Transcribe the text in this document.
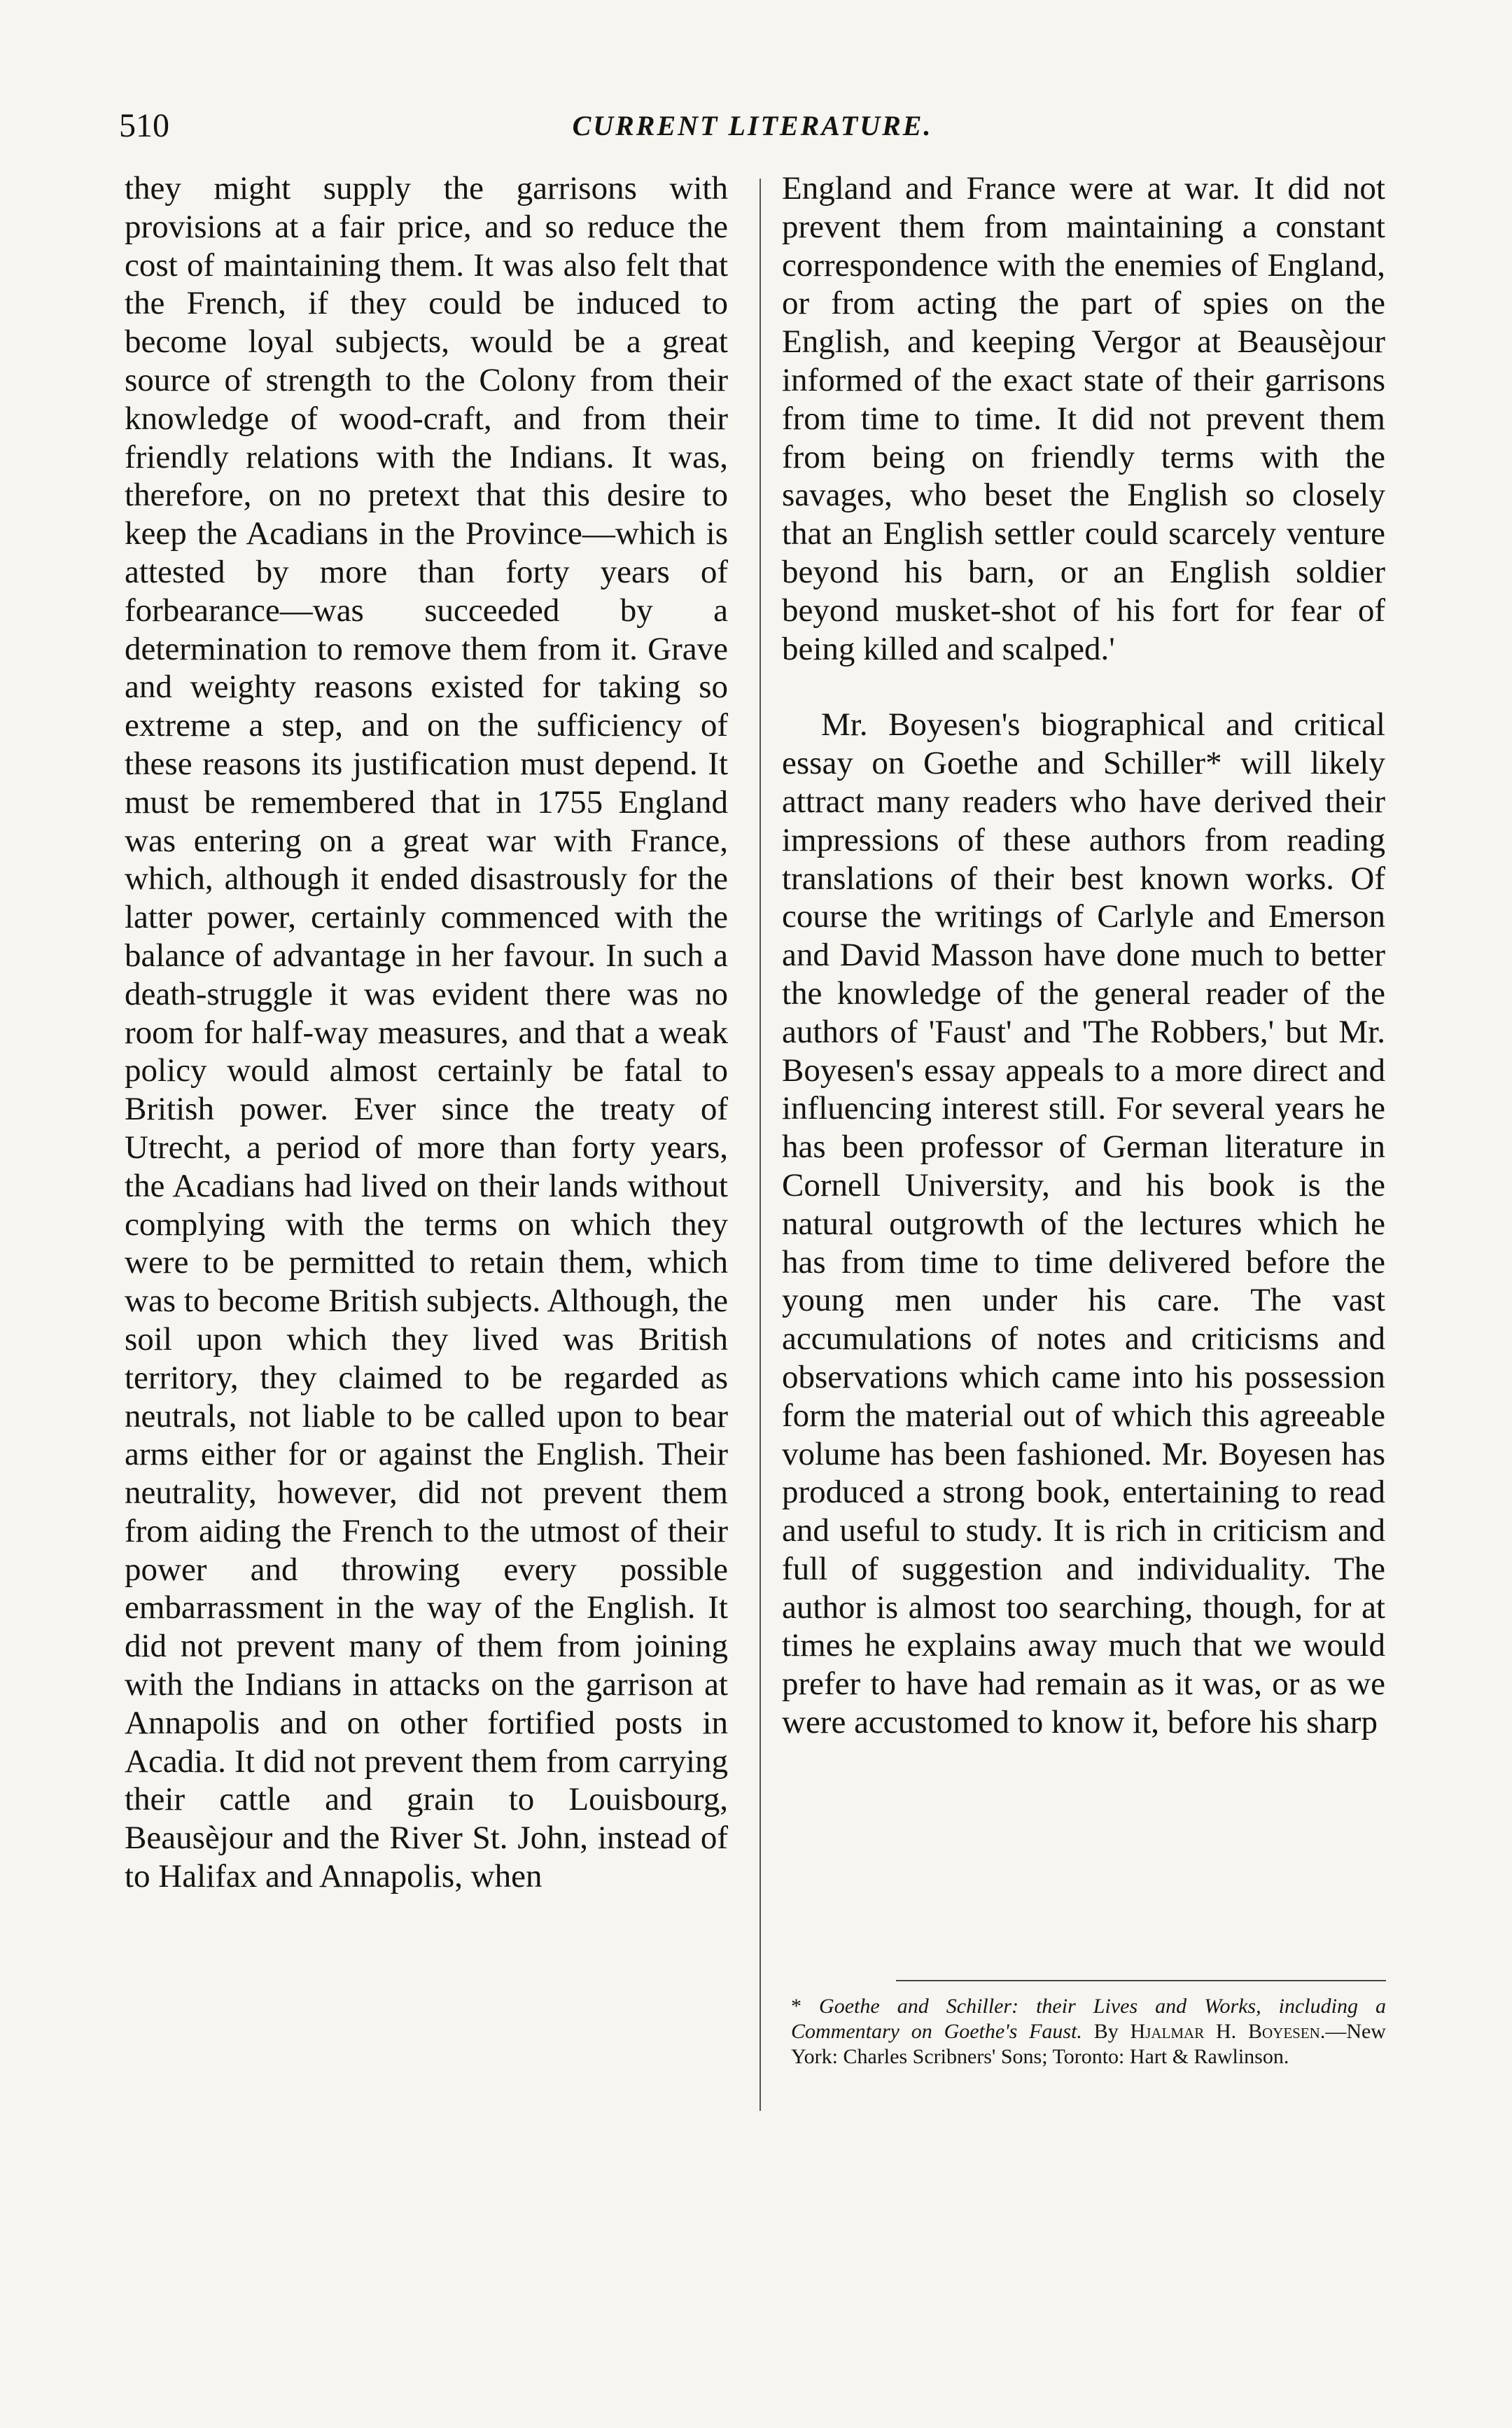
510	CURRENT LITERATURE.

they might supply the garrisons with provisions at a fair price, and so reduce the cost of maintaining them. It was also felt that the French, if they could be induced to become loyal subjects, would be a great source of strength to the Colony from their knowledge of wood-craft, and from their friendly relations with the Indians. It was, therefore, on no pretext that this desire to keep the Acadians in the Province—which is attested by more than forty years of forbearance—was succeeded by a determination to remove them from it. Grave and weighty reasons existed for taking so extreme a step, and on the sufficiency of these reasons its justification must depend. It must be remembered that in 1755 England was entering on a great war with France, which, although it ended disastrously for the latter power, certainly commenced with the balance of advantage in her favour. In such a death-struggle it was evident there was no room for half-way measures, and that a weak policy would almost certainly be fatal to British power. Ever since the treaty of Utrecht, a period of more than forty years, the Acadians had lived on their lands without complying with the terms on which they were to be permitted to retain them, which was to become British subjects. Although, the soil upon which they lived was British territory, they claimed to be regarded as neutrals, not liable to be called upon to bear arms either for or against the English. Their neutrality, however, did not prevent them from aiding the French to the utmost of their power and throwing every possible embarrassment in the way of the English. It did not prevent many of them from joining with the Indians in attacks on the garrison at Annapolis and on other fortified posts in Acadia. It did not prevent them from carrying their cattle and grain to Louisbourg, Beausèjour and the River St. John, instead of to Halifax and Annapolis, when

England and France were at war. It did not prevent them from maintaining a constant correspondence with the enemies of England, or from acting the part of spies on the English, and keeping Vergor at Beausèjour informed of the exact state of their garrisons from time to time. It did not prevent them from being on friendly terms with the savages, who beset the English so closely that an English settler could scarcely venture beyond his barn, or an English soldier beyond musket-shot of his fort for fear of being killed and scalped.'

Mr. Boyesen's biographical and critical essay on Goethe and Schiller* will likely attract many readers who have derived their impressions of these authors from reading translations of their best known works. Of course the writings of Carlyle and Emerson and David Masson have done much to better the knowledge of the general reader of the authors of 'Faust' and 'The Robbers,' but Mr. Boyesen's essay appeals to a more direct and influencing interest still. For several years he has been professor of German literature in Cornell University, and his book is the natural outgrowth of the lectures which he has from time to time delivered before the young men under his care. The vast accumulations of notes and criticisms and observations which came into his possession form the material out of which this agreeable volume has been fashioned. Mr. Boyesen has produced a strong book, entertaining to read and useful to study. It is rich in criticism and full of suggestion and individuality. The author is almost too searching, though, for at times he explains away much that we would prefer to have had remain as it was, or as we were accustomed to know it, before his sharp

* Goethe and Schiller: their Lives and Works, including a Commentary on Goethe's Faust. By Hjalmar H. Boyesen.—New York: Charles Scribners' Sons; Toronto: Hart & Rawlinson.
